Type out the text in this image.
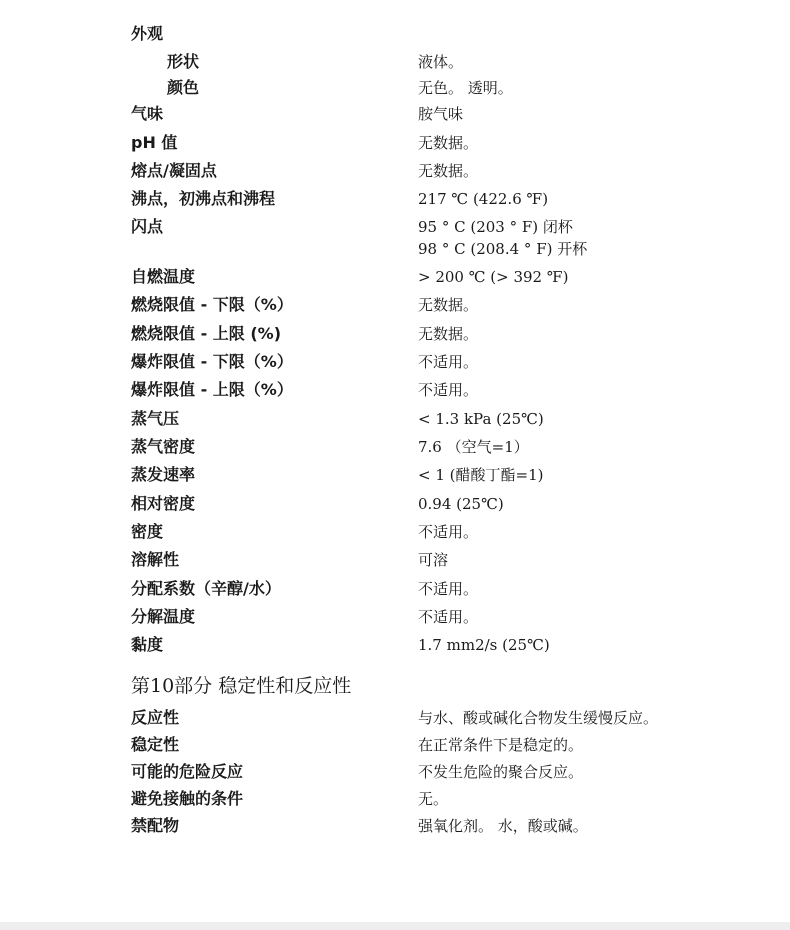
外观
形状	液体。
颜色	无色。 透明。
气味	胺气味
pH 值	无数据。
熔点/凝固点	无数据。
沸点，初沸点和沸程	217 ℃ (422.6 ℉)
闪点	95 ° C (203 ° F) 闭杯
98 ° C (208.4 ° F) 开杯
自燃温度	> 200 ℃ (> 392 ℉)
燃烧限值 - 下限（%）	无数据。
燃烧限值 - 上限 (%)	无数据。
爆炸限值 - 下限（%）	不适用。
爆炸限值 - 上限（%）	不适用。
蒸气压	< 1.3 kPa (25℃)
蒸气密度	7.6 （空气=1）
蒸发速率	< 1 (醋酸丁酯=1)
相对密度	0.94 (25℃)
密度	不适用。
溶解性	可溶
分配系数（辛醇/水）	不适用。
分解温度	不适用。
黏度	1.7 mm2/s (25℃)
第10部分 稳定性和反应性
反应性	与水、酸或碱化合物发生缓慢反应。
稳定性	在正常条件下是稳定的。
可能的危险反应	不发生危险的聚合反应。
避免接触的条件	无。
禁配物	强氧化剂。 水，酸或碱。
